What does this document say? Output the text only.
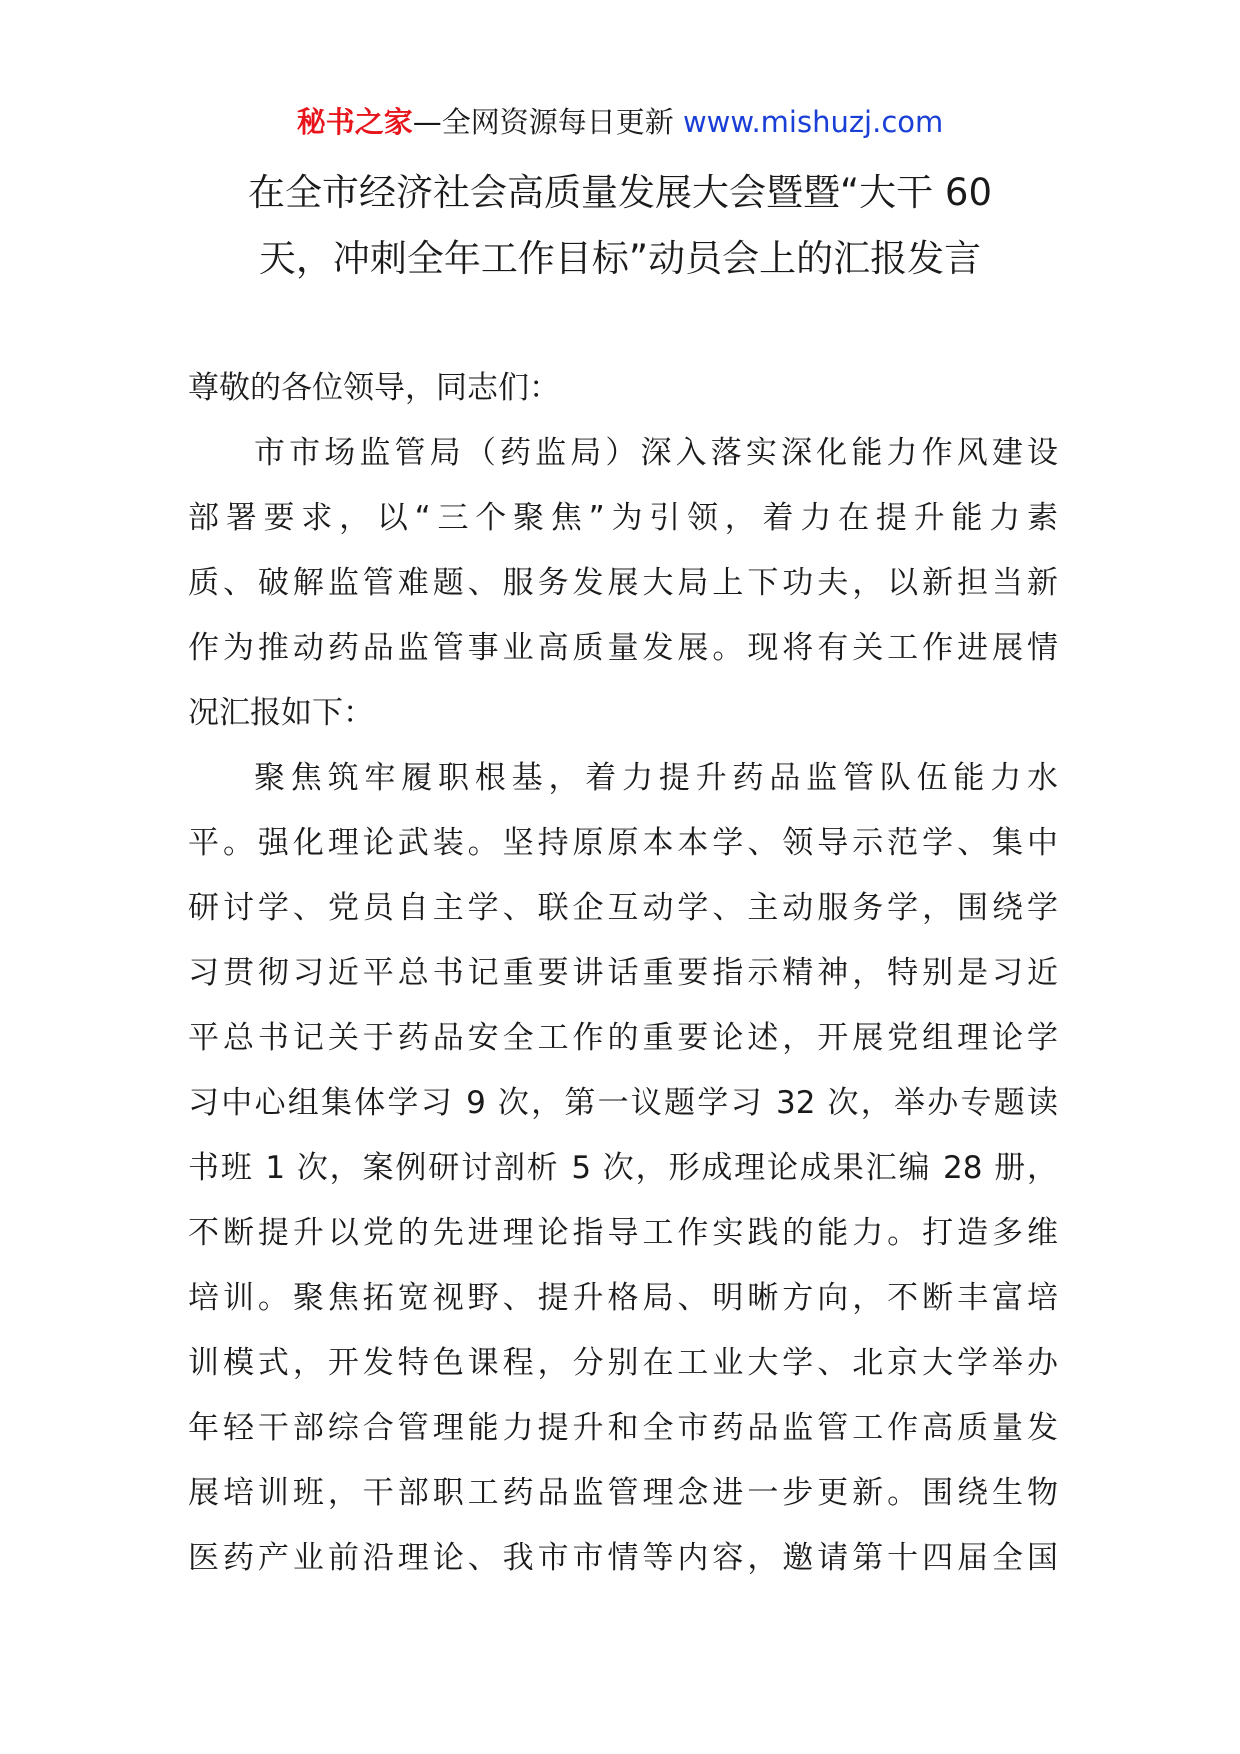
秘书之家—全网资源每日更新 www.mishuzj.com
在全市经济社会高质量发展大会暨暨“大干 60
天，冲刺全年工作目标”动员会上的汇报发言
尊敬的各位领导，同志们：
市市场监管局（药监局）深入落实深化能力作风建设
部署要求，以“三个聚焦”为引领，着力在提升能力素
质、破解监管难题、服务发展大局上下功夫，以新担当新
作为推动药品监管事业高质量发展。现将有关工作进展情
况汇报如下：
聚焦筑牢履职根基，着力提升药品监管队伍能力水
平。强化理论武装。坚持原原本本学、领导示范学、集中
研讨学、党员自主学、联企互动学、主动服务学，围绕学
习贯彻习近平总书记重要讲话重要指示精神，特别是习近
平总书记关于药品安全工作的重要论述，开展党组理论学
习中心组集体学习 9 次，第一议题学习 32 次，举办专题读
书班 1 次，案例研讨剖析 5 次，形成理论成果汇编 28 册，
不断提升以党的先进理论指导工作实践的能力。打造多维
培训。聚焦拓宽视野、提升格局、明晰方向，不断丰富培
训模式，开发特色课程，分别在工业大学、北京大学举办
年轻干部综合管理能力提升和全市药品监管工作高质量发
展培训班，干部职工药品监管理念进一步更新。围绕生物
医药产业前沿理论、我市市情等内容，邀请第十四届全国
